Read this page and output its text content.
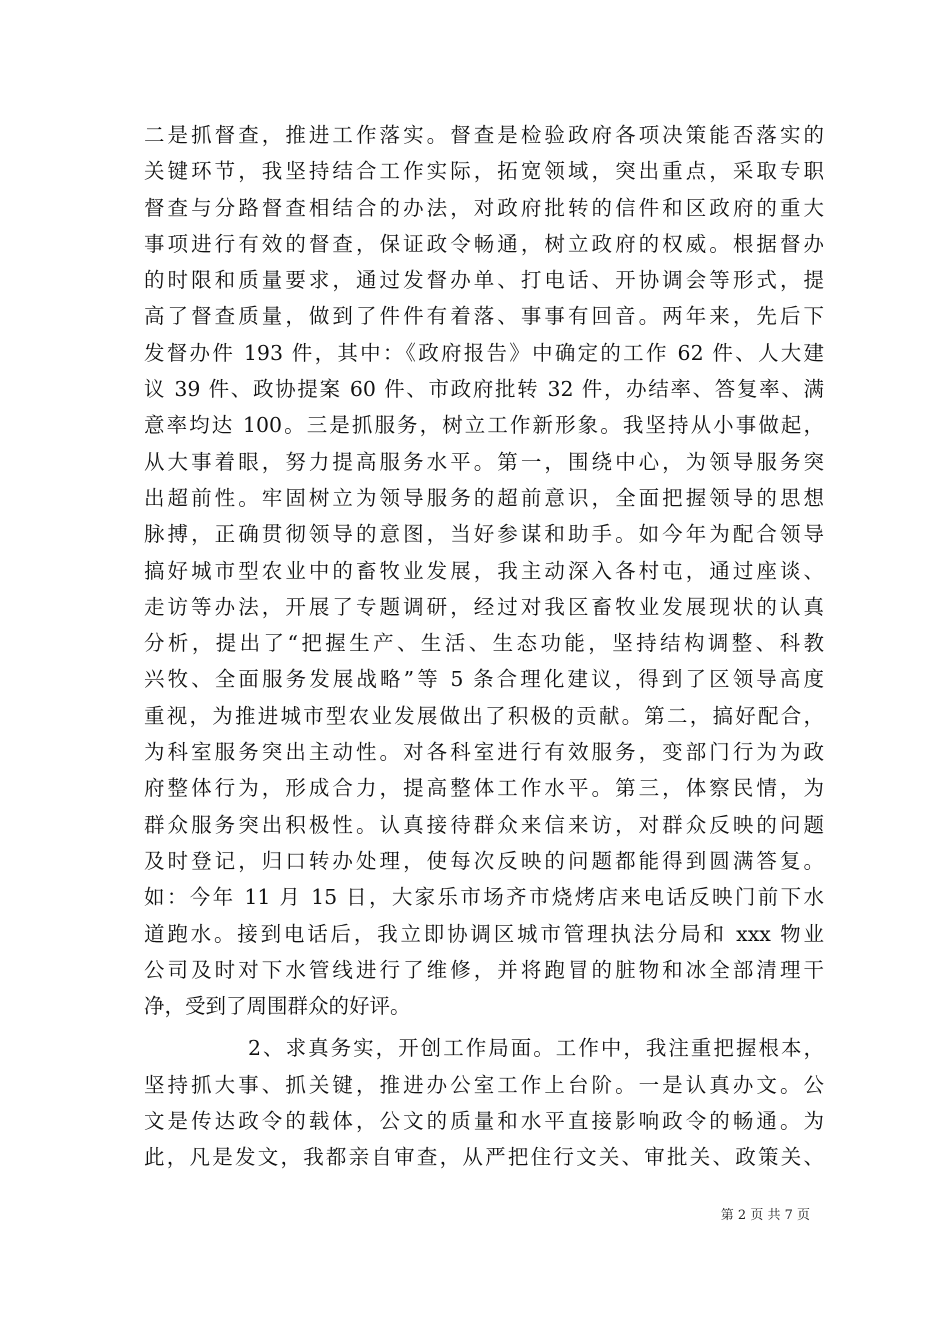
二是抓督查，推进工作落实。督查是检验政府各项决策能否落实的
关键环节，我坚持结合工作实际，拓宽领域，突出重点，采取专职
督查与分路督查相结合的办法，对政府批转的信件和区政府的重大
事项进行有效的督查，保证政令畅通，树立政府的权威。根据督办
的时限和质量要求，通过发督办单、打电话、开协调会等形式，提
高了督查质量，做到了件件有着落、事事有回音。两年来，先后下
发督办件 193 件，其中：《政府报告》中确定的工作 62 件、人大建
议 39 件、政协提案 60 件、市政府批转 32 件，办结率、答复率、满
意率均达 100。三是抓服务，树立工作新形象。我坚持从小事做起，
从大事着眼，努力提高服务水平。第一，围绕中心，为领导服务突
出超前性。牢固树立为领导服务的超前意识，全面把握领导的思想
脉搏，正确贯彻领导的意图，当好参谋和助手。如今年为配合领导
搞好城市型农业中的畜牧业发展，我主动深入各村屯，通过座谈、
走访等办法，开展了专题调研，经过对我区畜牧业发展现状的认真
分析，提出了“把握生产、生活、生态功能，坚持结构调整、科教
兴牧、全面服务发展战略”等 5 条合理化建议，得到了区领导高度
重视，为推进城市型农业发展做出了积极的贡献。第二，搞好配合，
为科室服务突出主动性。对各科室进行有效服务，变部门行为为政
府整体行为，形成合力，提高整体工作水平。第三，体察民情，为
群众服务突出积极性。认真接待群众来信来访，对群众反映的问题
及时登记，归口转办处理，使每次反映的问题都能得到圆满答复。
如：今年 11 月 15 日，大家乐市场齐市烧烤店来电话反映门前下水
道跑水。接到电话后，我立即协调区城市管理执法分局和 xxx 物业
公司及时对下水管线进行了维修，并将跑冒的脏物和冰全部清理干
净，受到了周围群众的好评。
2、求真务实，开创工作局面。工作中，我注重把握根本，
坚持抓大事、抓关键，推进办公室工作上台阶。一是认真办文。公
文是传达政令的载体，公文的质量和水平直接影响政令的畅通。为
此，凡是发文，我都亲自审查，从严把住行文关、审批关、政策关、
第 2 页 共 7 页
